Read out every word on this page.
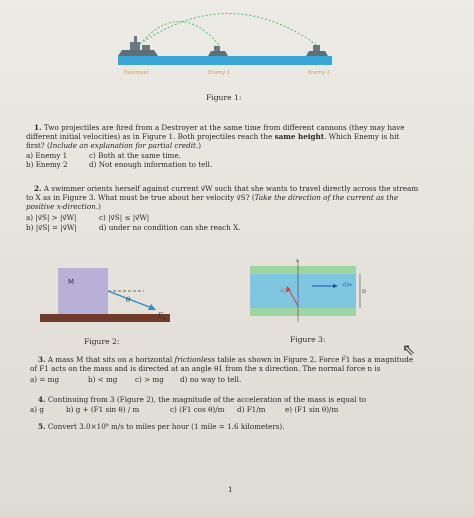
Destroyer	Enemy 1	Enemy 2
Figure 1:
1. Two projectiles are fired from a Destroyer at the same time from different cannons (they may have
different initial velocities) as in Figure 1. Both projectiles reach the same height. Which Enemy is hit
first? (Include an explanation for partial credit.)
a) Enemy 1	c) Both at the same time.
b) Enemy 2	d) Not enough information to tell.
2. A swimmer orients herself against current v⃗W such that she wants to travel directly across the stream
to X as in Figure 3. What must be true about her velocity v⃗S? (Take the direction of the current as the
positive x-direction.)
a) |v⃗S| > |v⃗W|	c) |v⃗S| ≤ |v⃗W|
b) |v⃗S| = |v⃗W|	d) under no condition can she reach X.
M
θ
F 1
Figure 2:
X
v⃗w
v⃗s	D
Figure 3:
3. A mass M that sits on a horizontal frictionless table as shown in Figure 2. Force F⃗1 has a magnitude
of F1 acts on the mass and is directed at an angle θ1 from the x direction. The normal force n is
a) = mg	b) < mg c) > mg d) no way to tell.
4. Continuing from 3 (Figure 2), the magnitude of the acceleration of the mass is equal to
a) g	b) g + (F1 sin θ) / m	c) (F1 cos θ)/m d) F1/m	e) (F1 sin θ)/m
5. Convert 3.0×10⁸ m/s to miles per hour (1 mile = 1.6 kilometers).
1
⇖
